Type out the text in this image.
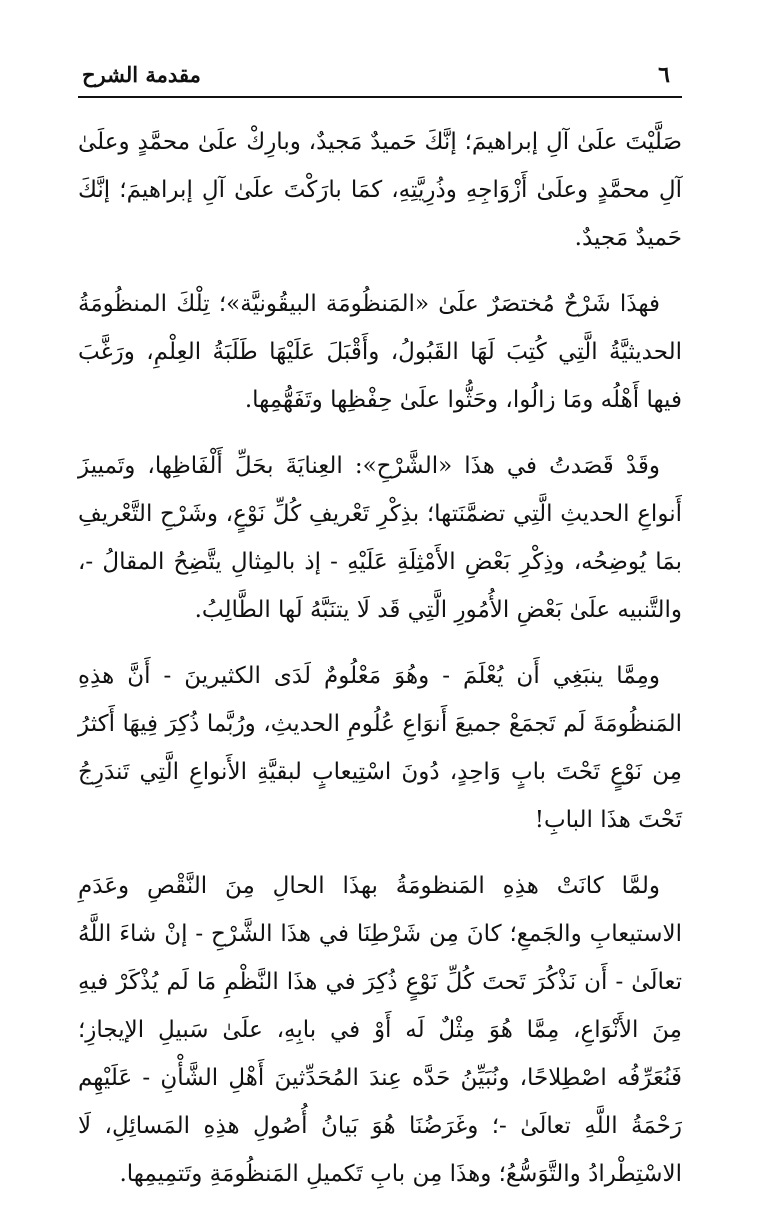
٦
مقدمة الشرح

صَلَّيْتَ علَىٰ آلِ إبراهيمَ؛ إنَّكَ حَميدٌ مَجيدٌ، وبارِكْ علَىٰ محمَّدٍ وعلَىٰ آلِ محمَّدٍ وعلَىٰ أَزْوَاجِهِ وذُرِيَّتِهِ، كمَا بارَكْتَ علَىٰ آلِ إبراهيمَ؛ إنَّكَ حَميدٌ مَجيدٌ.

فهذَا شَرْحٌ مُختصَرٌ علَىٰ «المَنظُومَة البيقُونيَّة»؛ تِلْكَ المنظُومَةُ الحديثيَّةُ الَّتِي كُتِبَ لَهَا القَبُولُ، وأَقْبَلَ عَلَيْهَا طَلَبَةُ العِلْمِ، ورَغَّبَ فيها أَهْلُه ومَا زالُوا، وحَثُّوا علَىٰ حِفْظِها وتَفَهُّمِها.

وقَدْ قَصَدتُ في هذَا «الشَّرْحِ»: العِنايَةَ بحَلِّ أَلْفَاظِها، وتَمييزَ أَنواعِ الحديثِ الَّتِي تضمَّنَتها؛ بذِكْرِ تَعْريفِ كُلِّ نَوْعٍ، وشَرْحِ التَّعْريفِ بمَا يُوضِحُه، وذِكْرِ بَعْضِ الأَمْثِلَةِ عَلَيْهِ - إذ بالمِثالِ يتَّضِحُ المقالُ -، والتَّنبيه علَىٰ بَعْضِ الأُمُورِ الَّتِي قَد لَا يتنَبَّهُ لَها الطَّالِبُ.

ومِمَّا ينبَغِي أَن يُعْلَمَ - وهُوَ مَعْلُومٌ لَدَى الكثيرينَ - أَنَّ هذِهِ المَنظُومَةَ لَم تَجمَعْ جميعَ أَنوَاعِ عُلُومِ الحديثِ، ورُبَّما ذُكِرَ فِيهَا أَكثرُ مِن نَوْعٍ تَحْتَ بابٍ وَاحِدٍ، دُونَ اسْتِيعابٍ لبقيَّةِ الأَنواعِ الَّتِي تَندَرِجُ تَحْتَ هذَا البابِ!

ولمَّا كانَتْ هذِهِ المَنظومَةُ بهذَا الحالِ مِنَ النَّقْصِ وعَدَمِ الاستيعابِ والجَمعِ؛ كانَ مِن شَرْطِنَا في هذَا الشَّرْحِ - إنْ شاءَ اللَّهُ تعالَىٰ - أَن نَذْكُرَ تَحتَ كُلِّ نَوْعٍ ذُكِرَ في هذَا النَّظْمِ مَا لَم يُذْكَرْ فيهِ مِنَ الأَنْوَاعِ، مِمَّا هُوَ مِثْلٌ لَه أَوْ في بابِهِ، علَىٰ سَبيلِ الإيجازِ؛ فَنُعَرِّفُه اصْطِلاحًا، ونُبَيِّنُ حَدَّه عِندَ المُحَدِّثينَ أَهْلِ الشَّأْنِ - عَلَيْهِم رَحْمَةُ اللَّهِ تعالَىٰ -؛ وغَرَضُنَا هُوَ بَيانُ أُصُولِ هذِهِ المَسائِلِ، لَا الاسْتِطْرادُ والتَّوَسُّعُ؛ وهذَا مِن بابِ تَكميلِ المَنظُومَةِ وتَتمِيمِها.
